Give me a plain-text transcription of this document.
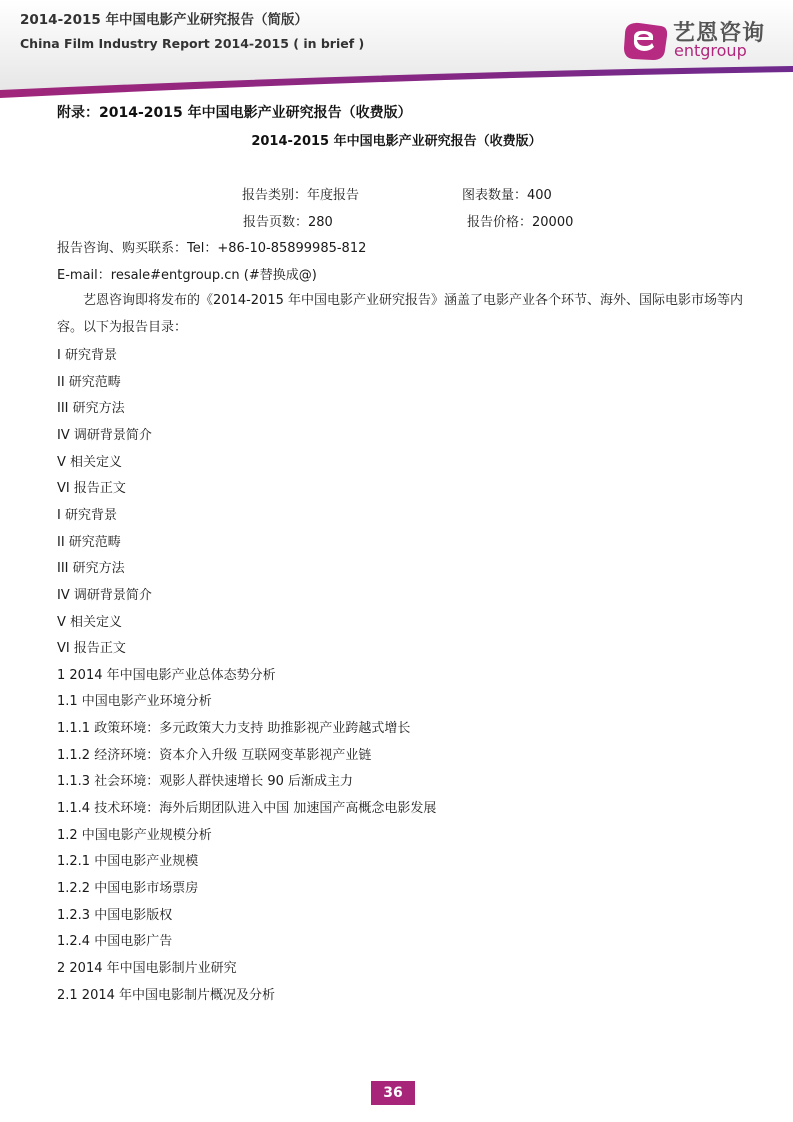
2014-2015 年中国电影产业研究报告（简版）
China Film Industry Report 2014-2015 ( in brief )	艺恩咨询
entgroup
附录：2014-2015 年中国电影产业研究报告（收费版）
2014-2015 年中国电影产业研究报告（收费版）
报告类别：年度报告	图表数量：400
报告页数：280	报告价格：20000
报告咨询、购买联系：Tel：+86-10-85899985-812
E-mail：resale#entgroup.cn (#替换成@)
艺恩咨询即将发布的《2014-2015 年中国电影产业研究报告》涵盖了电影产业各个环节、海外、国际电影市场等内容。以下为报告目录：
I 研究背景
II 研究范畴
III 研究方法
IV 调研背景简介
V 相关定义
VI 报告正文
I 研究背景
II 研究范畴
III 研究方法
IV 调研背景简介
V 相关定义
VI 报告正文
1 2014 年中国电影产业总体态势分析
1.1 中国电影产业环境分析
1.1.1 政策环境：多元政策大力支持 助推影视产业跨越式增长
1.1.2 经济环境：资本介入升级 互联网变革影视产业链
1.1.3 社会环境：观影人群快速增长 90 后渐成主力
1.1.4 技术环境：海外后期团队进入中国 加速国产高概念电影发展
1.2 中国电影产业规模分析
1.2.1 中国电影产业规模
1.2.2 中国电影市场票房
1.2.3 中国电影版权
1.2.4 中国电影广告
2 2014 年中国电影制片业研究
2.1 2014 年中国电影制片概况及分析
36
